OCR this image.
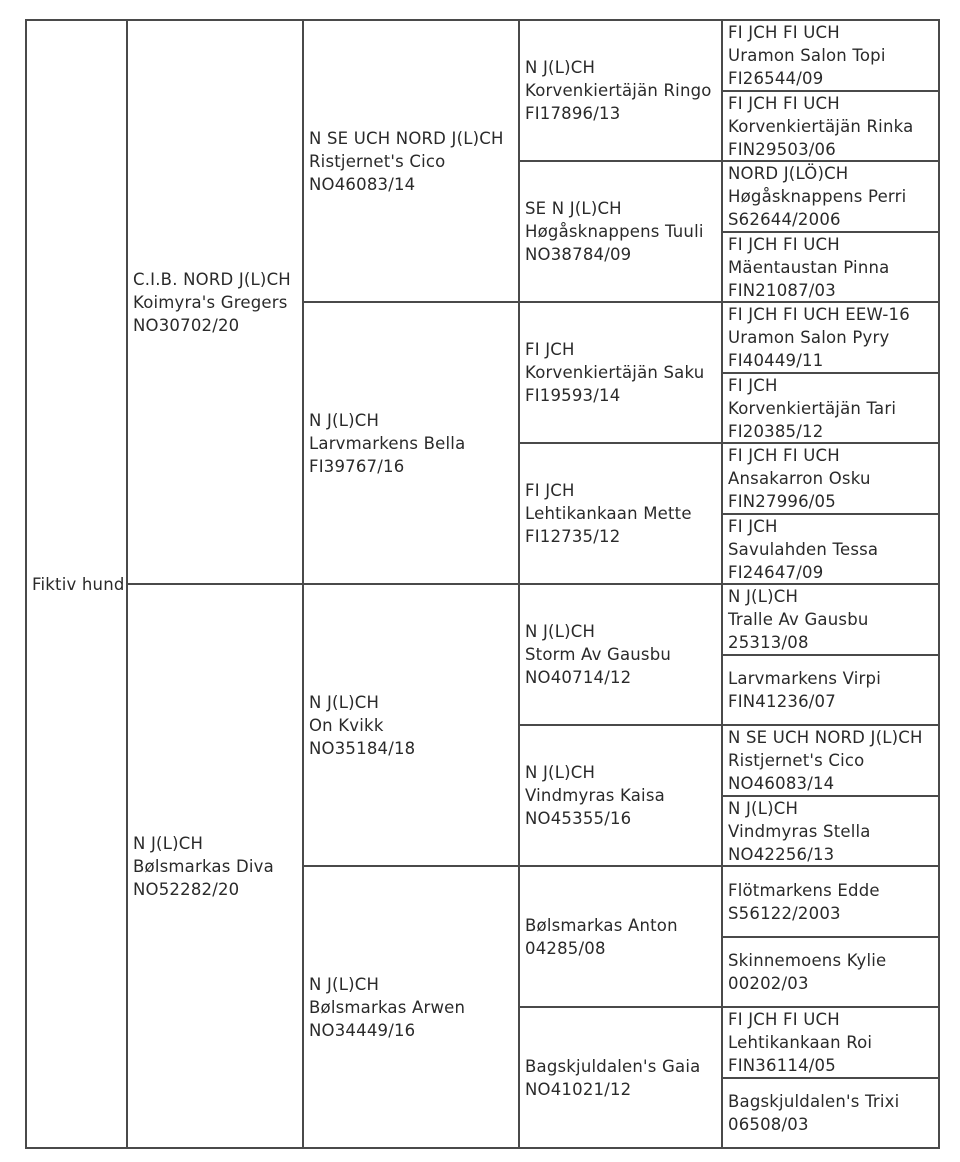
Fiktiv hund
C.I.B. NORD J(L)CH
Koimyra's Gregers
NO30702/20
N J(L)CH
Bølsmarkas Diva
NO52282/20
N SE UCH NORD J(L)CH
Ristjernet's Cico
NO46083/14
N J(L)CH
Larvmarkens Bella
FI39767/16
N J(L)CH
On Kvikk
NO35184/18
N J(L)CH
Bølsmarkas Arwen
NO34449/16
N J(L)CH
Korvenkiertäjän Ringo
FI17896/13
SE N J(L)CH
Høgåsknappens Tuuli
NO38784/09
FI JCH
Korvenkiertäjän Saku
FI19593/14
FI JCH
Lehtikankaan Mette
FI12735/12
N J(L)CH
Storm Av Gausbu
NO40714/12
N J(L)CH
Vindmyras Kaisa
NO45355/16
Bølsmarkas Anton
04285/08
Bagskjuldalen's Gaia
NO41021/12
FI JCH FI UCH
Uramon Salon Topi
FI26544/09
FI JCH FI UCH
Korvenkiertäjän Rinka
FIN29503/06
NORD J(LÖ)CH
Høgåsknappens Perri
S62644/2006
FI JCH FI UCH
Mäentaustan Pinna
FIN21087/03
FI JCH FI UCH EEW-16
Uramon Salon Pyry
FI40449/11
FI JCH
Korvenkiertäjän Tari
FI20385/12
FI JCH FI UCH
Ansakarron Osku
FIN27996/05
FI JCH
Savulahden Tessa
FI24647/09
N J(L)CH
Tralle Av Gausbu
25313/08
Larvmarkens Virpi
FIN41236/07
N SE UCH NORD J(L)CH
Ristjernet's Cico
NO46083/14
N J(L)CH
Vindmyras Stella
NO42256/13
Flötmarkens Edde
S56122/2003
Skinnemoens Kylie
00202/03
FI JCH FI UCH
Lehtikankaan Roi
FIN36114/05
Bagskjuldalen's Trixi
06508/03
